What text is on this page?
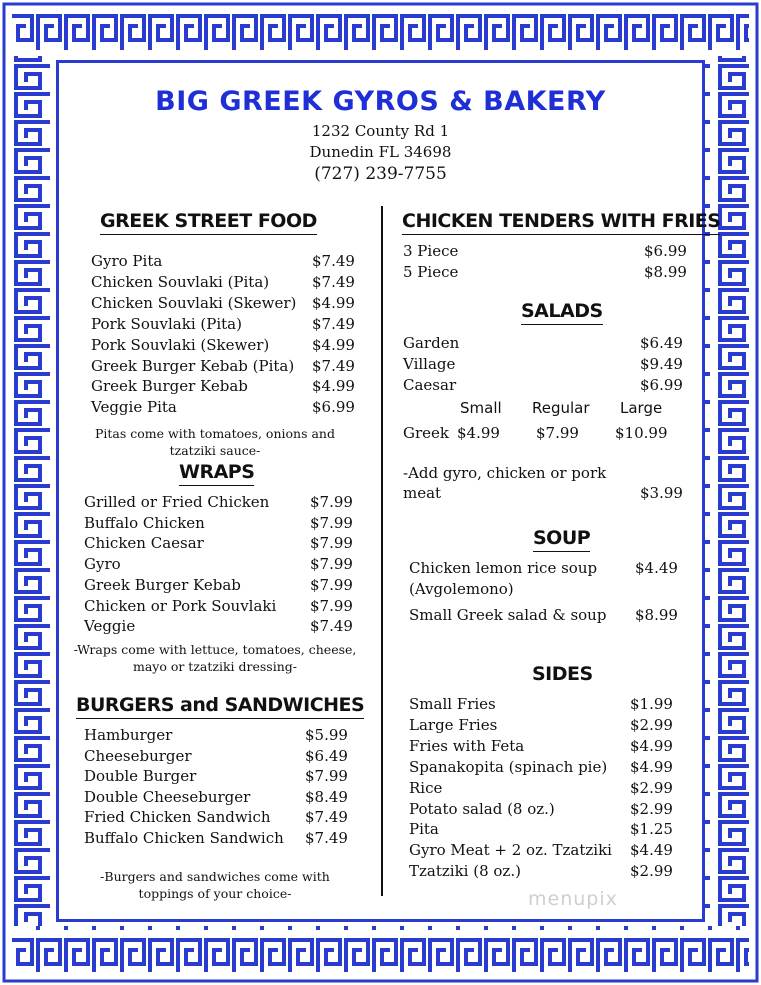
BIG GREEK GYROS & BAKERY
1232 County Rd 1
Dunedin FL 34698
(727) 239-7755
GREEK STREET FOOD
Gyro Pita	$7.49
Chicken Souvlaki (Pita)	$7.49
Chicken Souvlaki (Skewer) $4.99
Pork Souvlaki (Pita)	$7.49
Pork Souvlaki (Skewer)	$4.99
Greek Burger Kebab (Pita) $7.49
Greek Burger Kebab	$4.99
Veggie Pita	$6.99
Pitas come with tomatoes, onions and
tzatziki sauce-
WRAPS
Grilled or Fried Chicken	$7.99
Buffalo Chicken	$7.99
Chicken Caesar	$7.99
Gyro	$7.99
Greek Burger Kebab	$7.99
Chicken or Pork Souvlaki $7.99
Veggie	$7.49
-Wraps come with lettuce, tomatoes, cheese,
mayo or tzatziki dressing-
BURGERS and SANDWICHES
Hamburger	$5.99
Cheeseburger	$6.49
Double Burger	$7.99
Double Cheeseburger	$8.49
Fried Chicken Sandwich $7.49
Buffalo Chicken Sandwich $7.49
-Burgers and sandwiches come with
toppings of your choice-
CHICKEN TENDERS WITH FRIES
3 Piece	$6.99
5 Piece	$8.99
SALADS
Garden	$6.49
Village	$9.49
Caesar	$6.99
Small Regular Large
Greek $4.99 $7.99 $10.99
-Add gyro, chicken or pork
meat	$3.99
SOUP
Chicken lemon rice soup	$4.49
(Avgolemono)
Small Greek salad & soup $8.99
SIDES
Small Fries	$1.99
Large Fries	$2.99
Fries with Feta	$4.99
Spanakopita (spinach pie) $4.99
Rice	$2.99
Potato salad (8 oz.)	$2.99
Pita	$1.25
Gyro Meat + 2 oz. Tzatziki $4.49
Tzatziki (8 oz.)	$2.99
menupix
